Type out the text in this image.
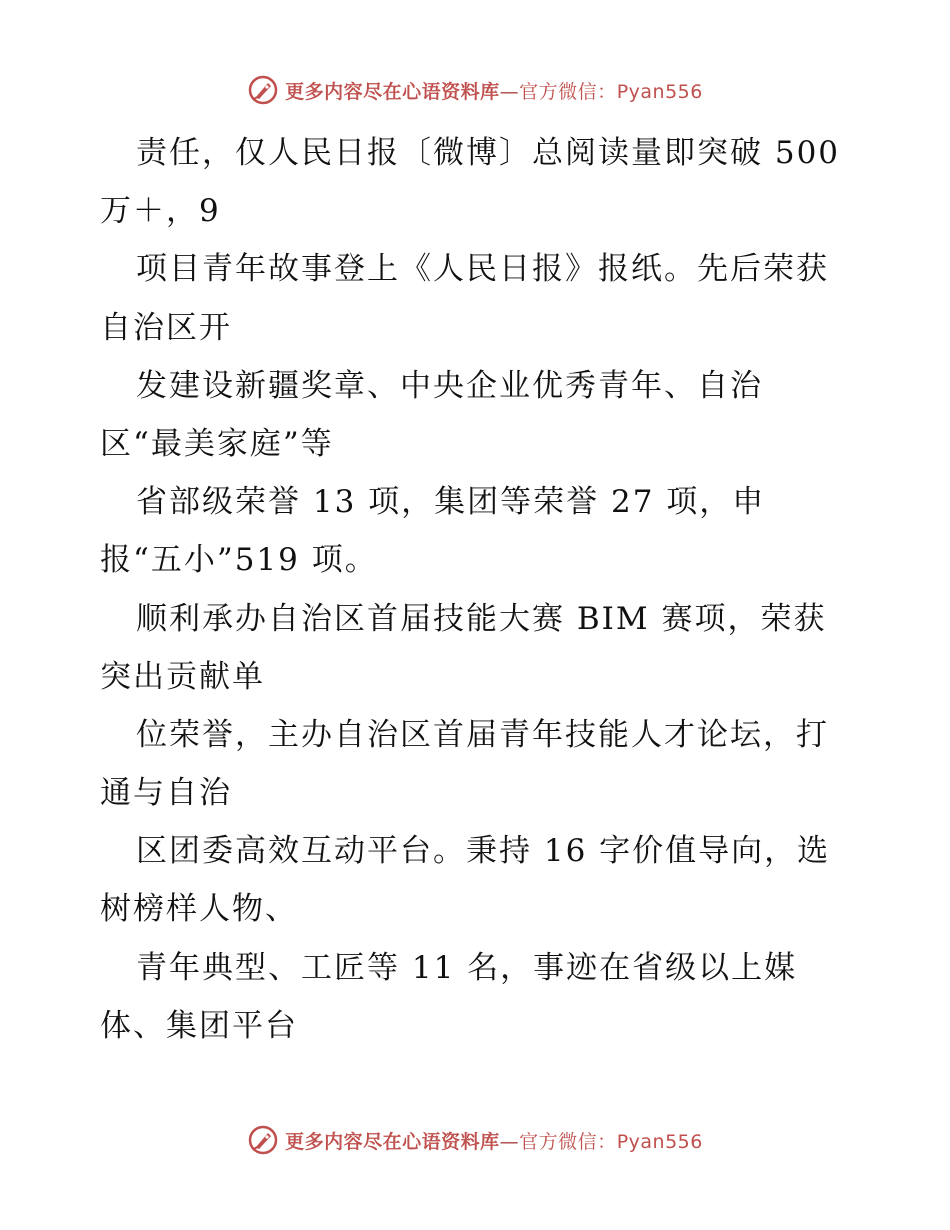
更多内容尽在心语资料库—官方微信：Pyan556
责任，仅人民日报〔微博〕总阅读量即突破 500
万＋，9
项目青年故事登上《人民日报》报纸。先后荣获
自治区开
发建设新疆奖章、中央企业优秀青年、自治
区“最美家庭”等
省部级荣誉 13 项，集团等荣誉 27 项，申
报“五小”519 项。
顺利承办自治区首届技能大赛 BIM 赛项，荣获
突出贡献单
位荣誉，主办自治区首届青年技能人才论坛，打
通与自治
区团委高效互动平台。秉持 16 字价值导向，选
树榜样人物、
青年典型、工匠等 11 名，事迹在省级以上媒
体、集团平台
更多内容尽在心语资料库—官方微信：Pyan556
